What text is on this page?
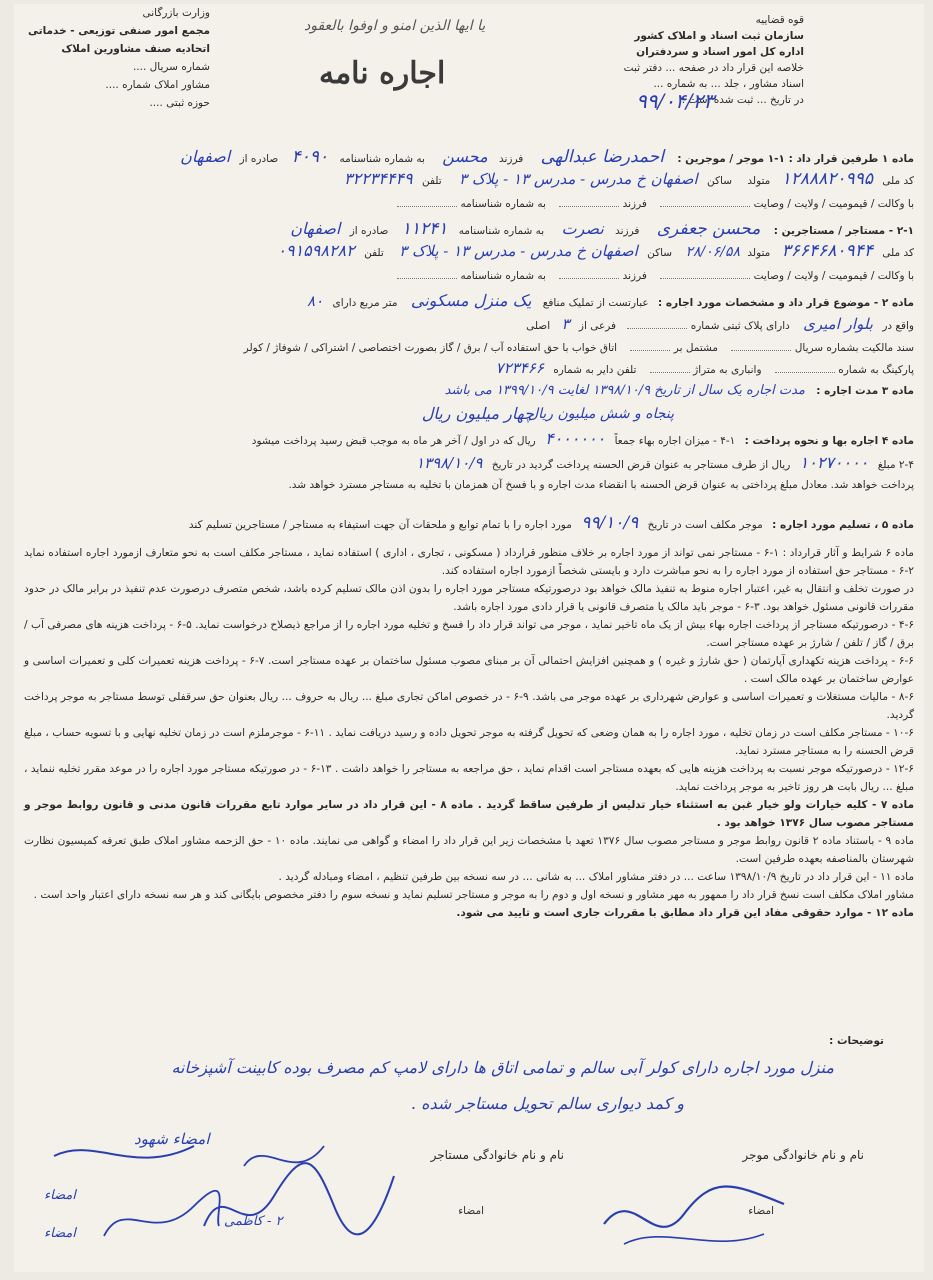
قوه قضاییه
سازمان ثبت اسناد و املاک کشور
اداره کل امور اسناد و سردفتران
خلاصه این قرار داد در صفحه ... دفتر ثبت
اسناد مشاور ، جلد ... به شماره ...
در تاریخ ... ثبت شده است .
۹۹/۰۴/۲۳
یا ایها الذین امنو و اوفوا بالعقود
اجاره نامه
وزارت بازرگانی
مجمع امور صنفی توزیعی - خدماتی
اتحادیه صنف مشاورین املاک
شماره سریال ....
مشاور املاک شماره ....
حوزه ثبتی ....
ماده ۱ طرفین قرار داد : ۱-۱ موجر / موجرین : احمدرضا عبدالهی فرزند محسن به شماره شناسنامه ۴۰۹۰ صادره از اصفهان
کد ملی ۱۲۸۸۸۲۰۹۹۵ متولد ساکن اصفهان خ مدرس - مدرس ۱۳ - پلاک ۳ تلفن ۳۲۲۳۴۴۴۹
با وکالت / قیمومیت / ولایت / وصایت  فرزند  به شماره شناسنامه
۲-۱ - مستاجر / مستاجرین : محسن جعفری فرزند نصرت به شماره شناسنامه ۱۱۲۴۱ صادره از اصفهان
کد ملی ۳۶۶۴۶۸۰۹۴۴ متولد ۲۸/۰۶/۵۸ ساکن اصفهان خ مدرس - مدرس ۱۳ - پلاک ۳ تلفن ۰۹۱۵۹۸۲۸۲
با وکالت / قیمومیت / ولایت / وصایت  فرزند  به شماره شناسنامه
ماده ۲ - موضوع قرار داد و مشخصات مورد اجاره : عبارتست از تملیک منافع یک منزل مسکونی متر مربع دارای ۸۰
واقع در بلوار امیری دارای پلاک ثبتی شماره  فرعی از ۳ اصلی
سند مالکیت بشماره سریال  مشتمل بر  اتاق خواب با حق استفاده آب / برق / گاز بصورت اختصاصی / اشتراکی / شوفاژ / کولر
پارکینگ به شماره  وانباری به متراژ  تلفن دایر به شماره ۷۲۳۴۶۶
ماده ۳ مدت اجاره : مدت اجاره یک سال از تاریخ ۱۳۹۸/۱۰/۹ لغایت ۱۳۹۹/۱۰/۹ می باشد
چهار میلیون ریال
ماده ۴ اجاره بها و نحوه پرداخت : ۱-۴ - میزان اجاره بهاء جمعاً ۴۰۰۰۰۰۰ ریال که در اول / آخر هر ماه به موجب قبض رسید پرداخت میشود
۲-۴ مبلغ ۱۰۲۷۰۰۰۰ ریال از طرف مستاجر به عنوان قرض الحسنه پرداخت گردید در تاریخ ۱۳۹۸/۱۰/۹
پرداخت خواهد شد. معادل مبلغ پرداختی به عنوان قرض الحسنه با انقضاء مدت اجاره و با فسخ آن همزمان با تخلیه به مستاجر مسترد خواهد شد.
پنجاه و شش میلیون ریال
ماده ۵ ، تسلیم مورد اجاره : موجر مکلف است در تاریخ ۹۹/۱۰/۹ مورد اجاره را با تمام توابع و ملحقات آن جهت استیفاء به مستاجر / مستاجرین تسلیم کند
ماده ۶ شرایط و آثار قرارداد : ۱-۶ - مستاجر نمی تواند از مورد اجاره بر خلاف منظور قرارداد ( مسکونی ، تجاری ، اداری ) استفاده نماید ، مستاجر مکلف است به نحو متعارف ازمورد اجاره استفاده نماید ۲-۶ - مستاجر حق استفاده از مورد اجاره را به نحو مباشرت دارد و بایستی شخصاً ازمورد اجاره استفاده کند.
در صورت تخلف و انتقال به غیر، اعتبار اجاره منوط به تنفیذ مالک خواهد بود درصورتیکه مستاجر مورد اجاره را بدون اذن مالک تسلیم کرده باشد، شخص متصرف درصورت عدم تنفیذ در برابر مالک در حدود مقررات قانونی مسئول خواهد بود. ۳-۶ - موجر باید مالک یا متصرف قانونی یا قرار دادی مورد اجاره باشد.
۴-۶ - درصورتیکه مستاجر از پرداخت اجاره بهاء بیش از یک ماه تاخیر نماید ، موجر می تواند قرار داد را فسخ و تخلیه مورد اجاره را از مراجع ذیصلاح درخواست نماید. ۵-۶ - پرداخت هزینه های مصرفی آب / برق / گاز / تلفن / شارژ بر عهده مستاجر است.
۶-۶ - پرداخت هزینه تکهداری آپارتمان ( حق شارژ و غیره ) و همچنین افزایش احتمالی آن بر مبنای مصوب مسئول ساختمان بر عهده مستاجر است. ۷-۶ - پرداخت هزینه تعمیرات کلی و تعمیرات اساسی و عوارض ساختمان بر عهده مالک است .
۸-۶ - مالیات مستغلات و تعمیرات اساسی و عوارض شهرداری بر عهده موجر می باشد. ۹-۶ - در خصوص اماکن تجاری مبلغ ... ریال به حروف ... ریال بعنوان حق سرقفلی توسط مستاجر به موجر پرداخت گردید.
۱۰-۶ - مستاجر مکلف است در زمان تخلیه ، مورد اجاره را به همان وضعی که تحویل گرفته به موجر تحویل داده و رسید دریافت نماید . ۱۱-۶ - موجرملزم است در زمان تخلیه نهایی و با تسویه حساب ، مبلغ قرض الحسنه را به مستاجر مسترد نماید.
۱۲-۶ - درصورتیکه موجر نسبت به پرداخت هزینه هایی که بعهده مستاجر است اقدام نماید ، حق مراجعه به مستاجر را خواهد داشت . ۱۳-۶ - در صورتیکه مستاجر مورد اجاره را در موعد مقرر تخلیه ننماید ، مبلغ ... ریال بابت هر روز تاخیر به موجر پرداخت نماید.
ماده ۷ - کلیه خیارات ولو خیار غبن به استثناء خیار تدلیس از طرفین ساقط گردید . ماده ۸ - این قرار داد در سایر موارد تابع مقررات قانون مدنی و قانون روابط موجر و مستاجر مصوب سال ۱۳۷۶ خواهد بود .
ماده ۹ - باستناد ماده ۲ قانون روابط موجر و مستاجر مصوب سال ۱۳۷۶ تعهد با مشخصات زیر این قرار داد را امضاء و گواهی می نمایند. ماده ۱۰ - حق الزحمه مشاور املاک طبق تعرفه کمیسیون نظارت شهرستان بالمناصفه بعهده طرفین است.
ماده ۱۱ - این قرار داد در تاریخ ۱۳۹۸/۱۰/۹ ساعت ... در دفتر مشاور املاک ... به شانی ... در سه نسخه بین طرفین تنظیم ، امضاء ومبادله گردید .
مشاور املاک مکلف است نسخ قرار داد را ممهور به مهر مشاور و نسخه اول و دوم را به موجر و مستاجر تسلیم نماید و نسخه سوم را دفتر مخصوص بایگانی کند و هر سه نسخه دارای اعتبار واحد است .
ماده ۱۲ - موارد حقوقی مفاد این قرار داد مطابق با مقررات جاری است و تایید می شود.
توضیحات :
منزل مورد اجاره دارای کولر آبی سالم و تمامی اتاق ها دارای لامپ کم مصرف بوده کابینت آشپزخانه
و کمد دیواری سالم تحویل مستاجر شده .
نام و نام خانوادگی موجر
نام و نام خانوادگی مستاجر
امضاء شهود
امضاء
امضاء
امضاء
امضاء
۲ - کاظمی
